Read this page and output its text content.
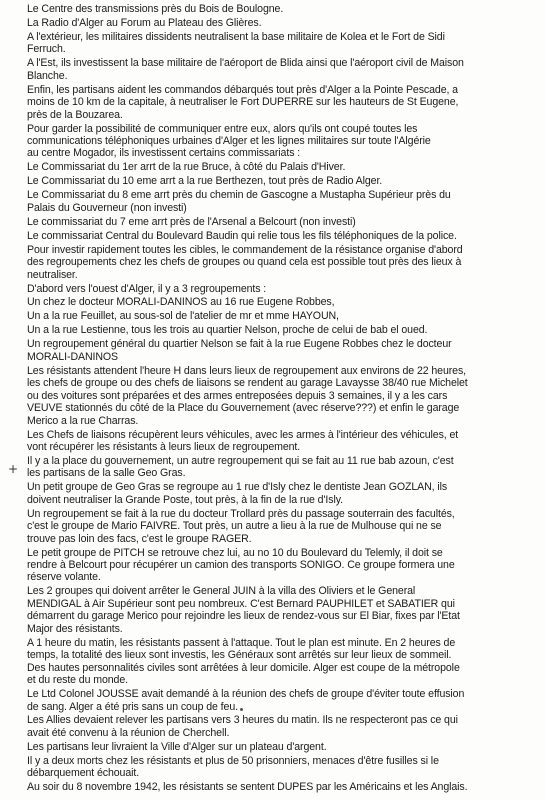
Le Centre des transmissions près du Bois de Boulogne.

La Radio d'Alger au Forum au Plateau des Glières.

A l'extérieur, les militaires dissidents neutralisent la base militaire de Kolea et le Fort de Sidi
Ferruch.

A l'Est, ils investissent la base militaire de l'aéroport de Blida ainsi que l'aéroport civil de Maison
Blanche.

Enfin, les partisans aident les commandos débarqués tout près d'Alger a la Pointe Pescade, a
moins de 10 km de la capitale, à neutraliser le Fort DUPERRE sur les hauteurs de St Eugene,
près de la Bouzarea.

Pour garder la possibilité de communiquer entre eux, alors qu'ils ont coupé toutes les
communications téléphoniques urbaines d'Alger et les lignes militaires sur toute l'Algérie
au centre Mogador, ils investissent certains commissariats :

Le Commissariat du 1er arrt de la rue Bruce, à côté du Palais d'Hiver.

Le Commissariat du 10 eme arrt a la rue Berthezen, tout près de Radio Alger.

Le Commissariat du 8 eme arrt près du chemin de Gascogne a Mustapha Supérieur près du
Palais du Gouverneur (non investi)

Le commissariat du 7 eme arrt près de l'Arsenal a Belcourt (non investi)

Le commissariat Central du Boulevard Baudin qui relie tous les fils téléphoniques de la police.

Pour investir rapidement toutes les cibles, le commandement de la résistance organise d'abord
des regroupements chez les chefs de groupes ou quand cela est possible tout près des lieux à
neutraliser.

D'abord vers l'ouest d'Alger, il y a 3 regroupements :

Un chez le docteur MORALI-DANINOS au 16 rue Eugene Robbes,

Un a la rue Feuillet, au sous-sol de l'atelier de mr et mme HAYOUN,

Un a la rue Lestienne, tous les trois au quartier Nelson, proche de celui de bab el oued.

Un regroupement général du quartier Nelson se fait à la rue Eugene Robbes chez le docteur
MORALI-DANINOS

Les résistants attendent l'heure H dans leurs lieux de regroupement aux environs de 22 heures,
les chefs de groupe ou des chefs de liaisons se rendent au garage Lavaysse 38/40 rue Michelet
ou des voitures sont préparées et des armes entreposées depuis 3 semaines, il y a les cars
VEUVE stationnés du côté de la Place du Gouvernement (avec réserve???) et enfin le garage
Merico a la rue Charras.

Les Chefs de liaisons récupèrent leurs véhicules, avec les armes à l'intérieur des véhicules, et
vont récupérer les résistants à leurs lieux de regroupement.

Il y a la place du gouvernement, un autre regroupement qui se fait au 11 rue bab azoun, c'est
les partisans de la salle Geo Gras.

Un petit groupe de Geo Gras se regroupe au 1 rue d'Isly chez le dentiste Jean GOZLAN, ils
doivent neutraliser la Grande Poste, tout près, à la fin de la rue d'Isly.

Un regroupement se fait à la rue du docteur Trollard près du passage souterrain des facultés,
c'est le groupe de Mario FAIVRE. Tout près, un autre a lieu à la rue de Mulhouse qui ne se
trouve pas loin des facs, c'est le groupe RAGER.

Le petit groupe de PITCH se retrouve chez lui, au no 10 du Boulevard du Telemly, il doit se
rendre à Belcourt pour récupérer un camion des transports SONIGO. Ce groupe formera une
réserve volante.

Les 2 groupes qui doivent arrêter le General JUIN à la villa des Oliviers et le General
MENDIGAL à Air Supérieur sont peu nombreux. C'est Bernard PAUPHILET et SABATIER qui
démarrent du garage Merico pour rejoindre les lieux de rendez-vous sur El Biar, fixes par l'Etat
Major des résistants.

A 1 heure du matin, les résistants passent à l'attaque. Tout le plan est minute. En 2 heures de
temps, la totalité des lieux sont investis, les Généraux sont arrêtés sur leur lieux de sommeil.
Des hautes personnalités civiles sont arrêtées à leur domicile. Alger est coupe de la métropole
et du reste du monde.

Le Ltd Colonel JOUSSE avait demandé à la réunion des chefs de groupe d'éviter toute effusion
de sang. Alger a été pris sans un coup de feu.

Les Allies devaient relever les partisans vers 3 heures du matin. Ils ne respecteront pas ce qui
avait été convenu à la réunion de Cherchell.

Les partisans leur livraient la Ville d'Alger sur un plateau d'argent.

Il y a deux morts chez les résistants et plus de 50 prisonniers, menaces d'être fusilles si le
débarquement échouait.

Au soir du 8 novembre 1942, les résistants se sentent DUPES par les Américains et les Anglais.

+
